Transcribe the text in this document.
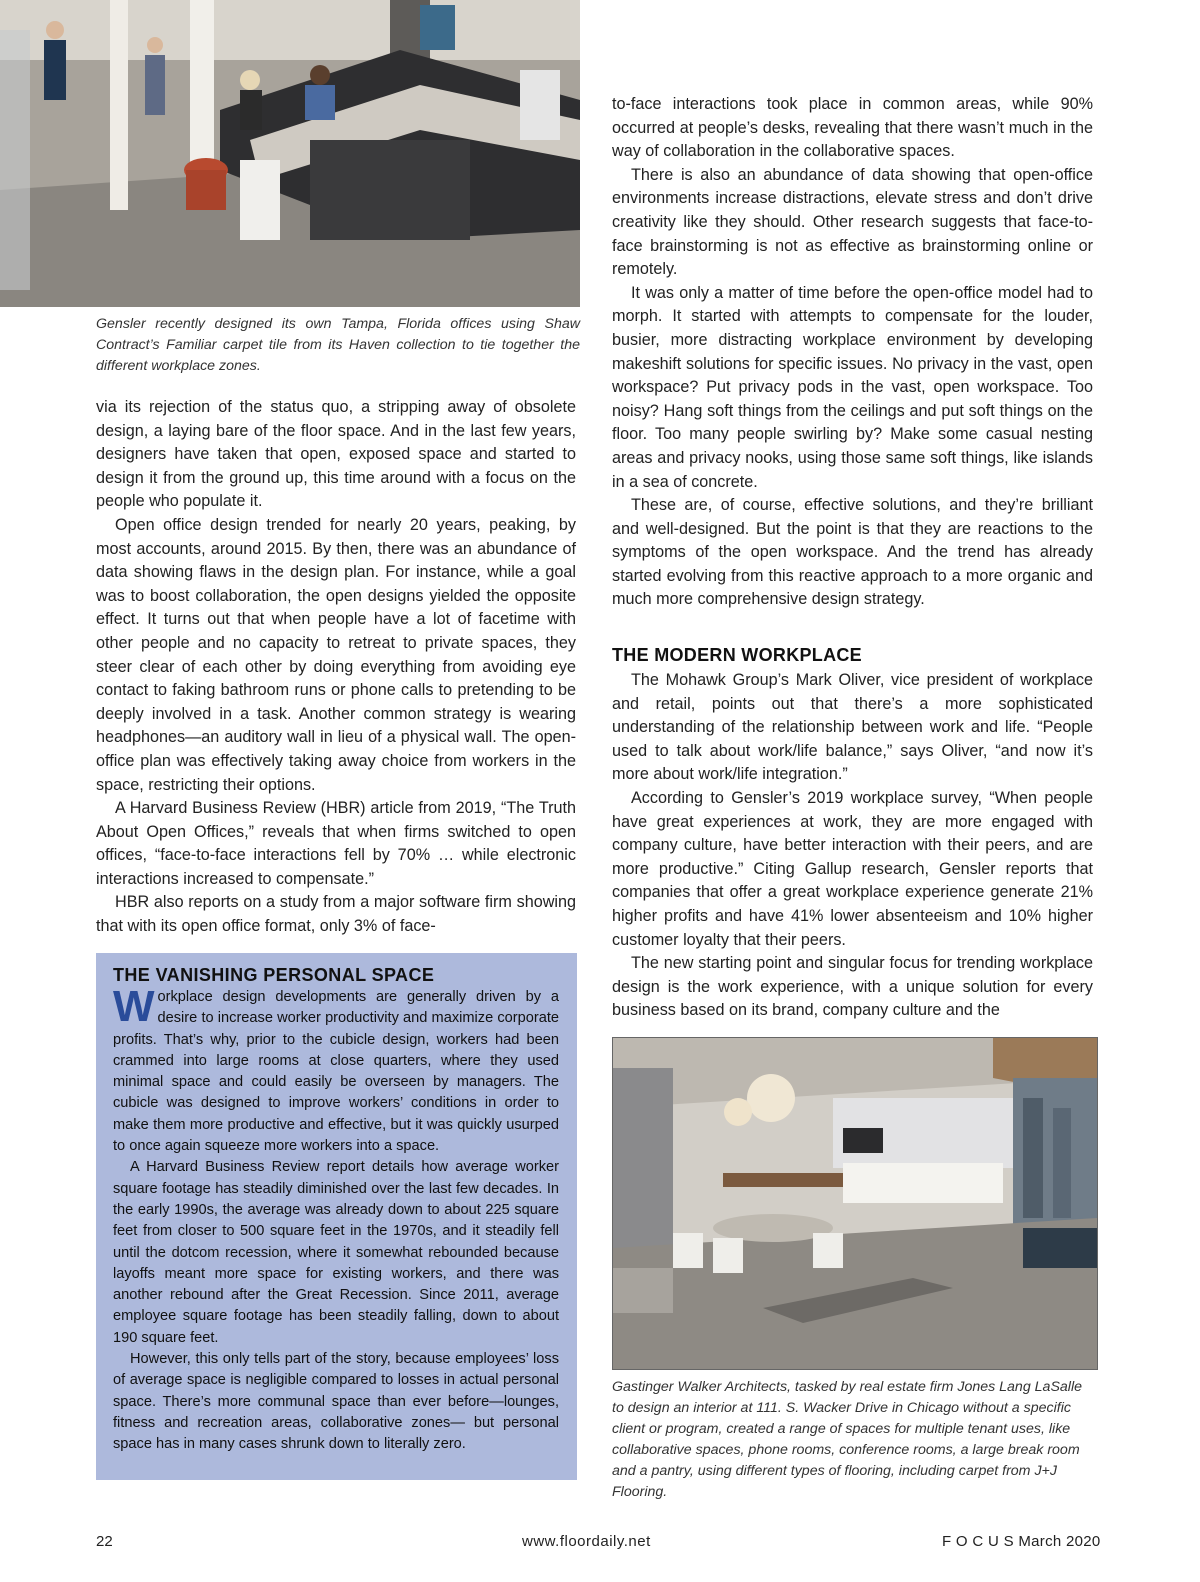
Gensler recently designed its own Tampa, Florida offices using Shaw Contract’s Familiar carpet tile from its Haven collection to tie together the different workplace zones.

via its rejection of the status quo, a stripping away of obsolete design, a laying bare of the floor space. And in the last few years, designers have taken that open, exposed space and started to design it from the ground up, this time around with a focus on the people who populate it.

Open office design trended for nearly 20 years, peaking, by most accounts, around 2015. By then, there was an abundance of data showing flaws in the design plan. For instance, while a goal was to boost collaboration, the open designs yielded the opposite effect. It turns out that when people have a lot of facetime with other people and no capacity to retreat to private spaces, they steer clear of each other by doing everything from avoiding eye contact to faking bathroom runs or phone calls to pretending to be deeply involved in a task. Another common strategy is wearing headphones—an auditory wall in lieu of a physical wall. The open-office plan was effectively taking away choice from workers in the space, restricting their options.

A Harvard Business Review (HBR) article from 2019, “The Truth About Open Offices,” reveals that when firms switched to open offices, “face-to-face interactions fell by 70% … while electronic interactions increased to compensate.”

HBR also reports on a study from a major software firm showing that with its open office format, only 3% of face-

to-face interactions took place in common areas, while 90% occurred at people’s desks, revealing that there wasn’t much in the way of collaboration in the collaborative spaces.

There is also an abundance of data showing that open-office environments increase distractions, elevate stress and don’t drive creativity like they should. Other research suggests that face-to-face brainstorming is not as effective as brainstorming online or remotely.

It was only a matter of time before the open-office model had to morph. It started with attempts to compensate for the louder, busier, more distracting workplace environment by developing makeshift solutions for specific issues. No privacy in the vast, open workspace? Put privacy pods in the vast, open workspace. Too noisy? Hang soft things from the ceilings and put soft things on the floor. Too many people swirling by? Make some casual nesting areas and privacy nooks, using those same soft things, like islands in a sea of concrete.

These are, of course, effective solutions, and they’re brilliant and well-designed. But the point is that they are reactions to the symptoms of the open workspace. And the trend has already started evolving from this reactive approach to a more organic and much more comprehensive design strategy.

THE MODERN WORKPLACE

The Mohawk Group’s Mark Oliver, vice president of workplace and retail, points out that there’s a more sophisticated understanding of the relationship between work and life. “People used to talk about work/life balance,” says Oliver, “and now it’s more about work/life integration.”

According to Gensler’s 2019 workplace survey, “When people have great experiences at work, they are more engaged with company culture, have better interaction with their peers, and are more productive.” Citing Gallup research, Gensler reports that companies that offer a great workplace experience generate 21% higher profits and have 41% lower absenteeism and 10% higher customer loyalty that their peers.

The new starting point and singular focus for trending workplace design is the work experience, with a unique solution for every business based on its brand, company culture and the

THE VANISHING PERSONAL SPACE

Workplace design developments are generally driven by a desire to increase worker productivity and maximize corporate profits. That’s why, prior to the cubicle design, workers had been crammed into large rooms at close quarters, where they used minimal space and could easily be overseen by managers. The cubicle was designed to improve workers’ conditions in order to make them more productive and effective, but it was quickly usurped to once again squeeze more workers into a space.

A Harvard Business Review report details how average worker square footage has steadily diminished over the last few decades. In the early 1990s, the average was already down to about 225 square feet from closer to 500 square feet in the 1970s, and it steadily fell until the dotcom recession, where it somewhat rebounded because layoffs meant more space for existing workers, and there was another rebound after the Great Recession. Since 2011, average employee square footage has been steadily falling, down to about 190 square feet.

However, this only tells part of the story, because employees’ loss of average space is negligible compared to losses in actual personal space. There’s more communal space than ever before—lounges, fitness and recreation areas, collaborative zones— but personal space has in many cases shrunk down to literally zero.

Gastinger Walker Architects, tasked by real estate firm Jones Lang LaSalle to design an interior at 111. S. Wacker Drive in Chicago without a specific client or program, created a range of spaces for multiple tenant uses, like collaborative spaces, phone rooms, conference rooms, a large break room and a pantry, using different types of flooring, including carpet from J+J Flooring.

22	www.floordaily.net	F O C U S March 2020
